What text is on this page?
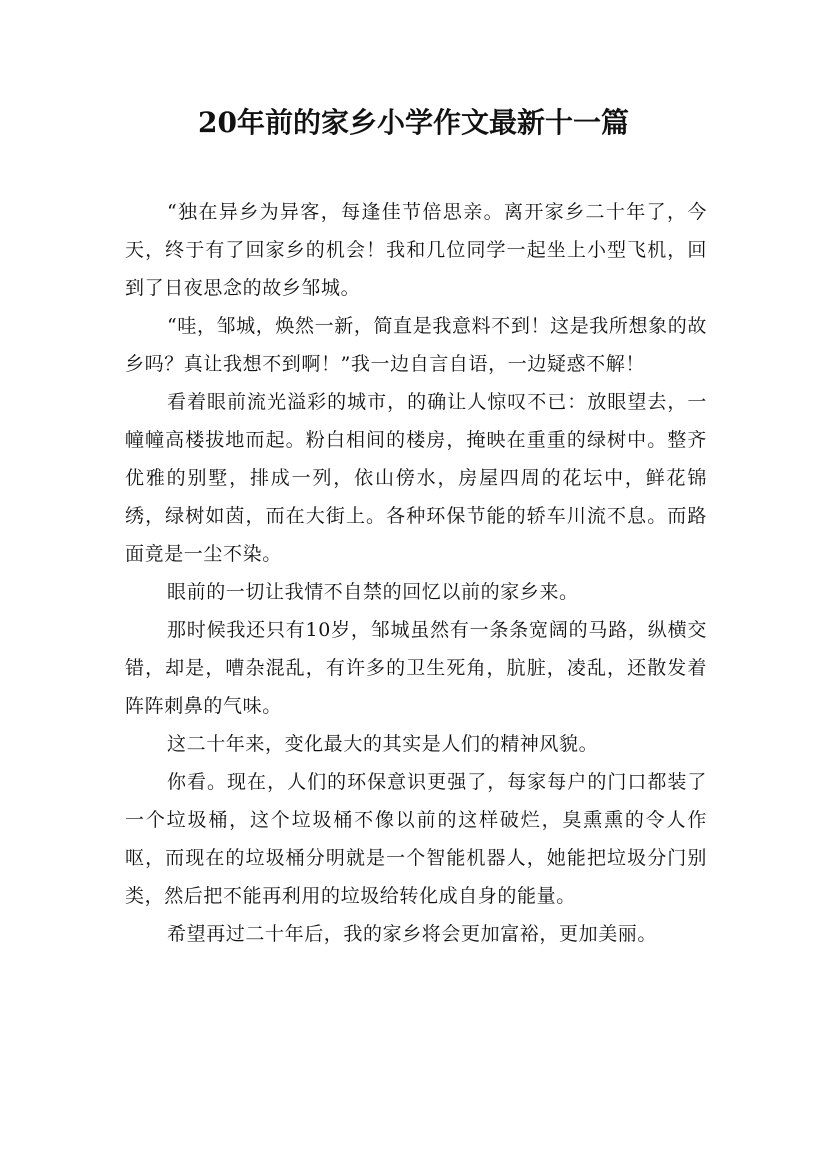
20年前的家乡小学作文最新十一篇

“独在异乡为异客，每逢佳节倍思亲。离开家乡二十年了，今天，终于有了回家乡的机会！我和几位同学一起坐上小型飞机，回到了日夜思念的故乡邹城。

“哇，邹城，焕然一新，简直是我意料不到！这是我所想象的故乡吗？真让我想不到啊！”我一边自言自语，一边疑惑不解！

看着眼前流光溢彩的城市，的确让人惊叹不已：放眼望去，一幢幢高楼拔地而起。粉白相间的楼房，掩映在重重的绿树中。整齐优雅的别墅，排成一列，依山傍水，房屋四周的花坛中，鲜花锦绣，绿树如茵，而在大街上。各种环保节能的轿车川流不息。而路面竟是一尘不染。

眼前的一切让我情不自禁的回忆以前的家乡来。

那时候我还只有10岁，邹城虽然有一条条宽阔的马路，纵横交错，却是，嘈杂混乱，有许多的卫生死角，肮脏，凌乱，还散发着阵阵刺鼻的气味。

这二十年来，变化最大的其实是人们的精神风貌。

你看。现在，人们的环保意识更强了，每家每户的门口都装了一个垃圾桶，这个垃圾桶不像以前的这样破烂，臭熏熏的令人作呕，而现在的垃圾桶分明就是一个智能机器人，她能把垃圾分门别类，然后把不能再利用的垃圾给转化成自身的能量。

希望再过二十年后，我的家乡将会更加富裕，更加美丽。
